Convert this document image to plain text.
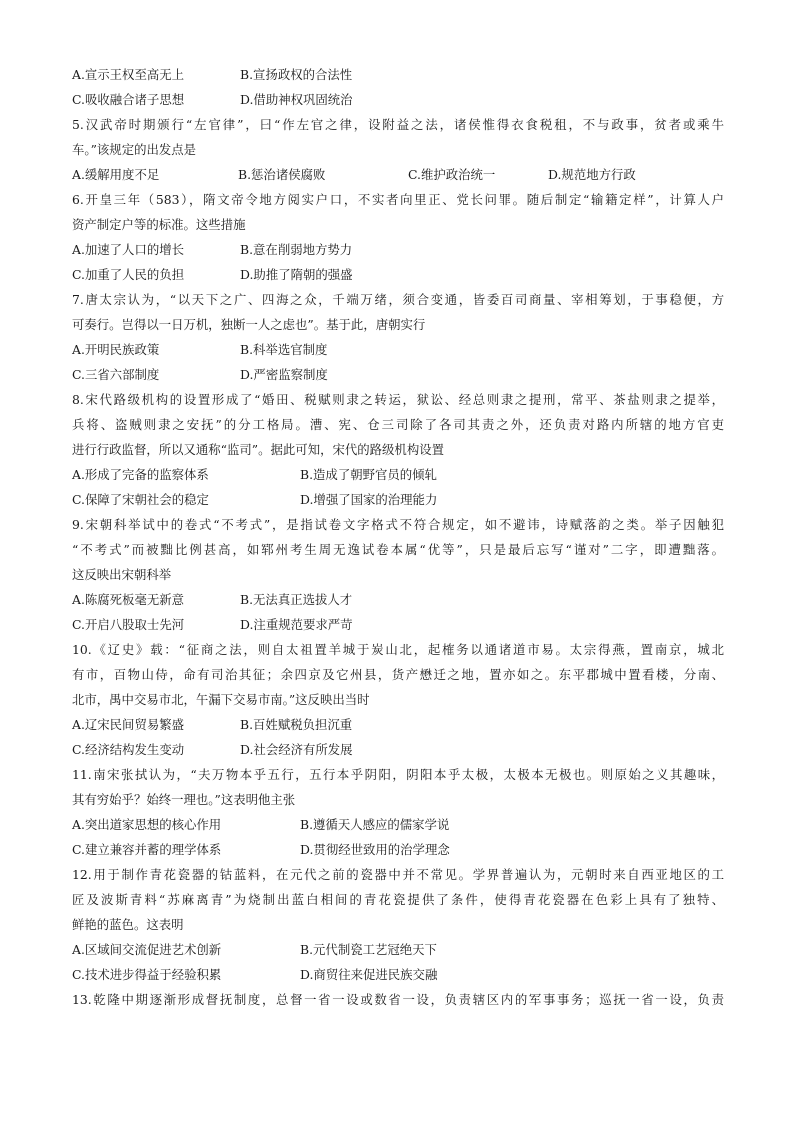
A.宣示王权至高无上	B.宣扬政权的合法性
C.吸收融合诸子思想	D.借助神权巩固统治
5.汉武帝时期颁行“左官律”，曰“作左官之律，设附益之法，诸侯惟得衣食税租，不与政事，贫者或乘牛
车。”该规定的出发点是
A.缓解用度不足	B.惩治诸侯腐败	C.维护政治统一	D.规范地方行政
6.开皇三年（583），隋文帝令地方阅实户口，不实者向里正、党长问罪。随后制定“输籍定样”，计算人户
资产制定户等的标准。这些措施
A.加速了人口的增长	B.意在削弱地方势力
C.加重了人民的负担	D.助推了隋朝的强盛
7.唐太宗认为，“以天下之广、四海之众，千端万绪，须合变通，皆委百司商量、宰相筹划，于事稳便，方
可奏行。岂得以一日万机，独断一人之虑也”。基于此，唐朝实行
A.开明民族政策	B.科举选官制度
C.三省六部制度	D.严密监察制度
8.宋代路级机构的设置形成了“婚田、税赋则隶之转运，狱讼、经总则隶之提刑，常平、茶盐则隶之提举，
兵将、盗贼则隶之安抚”的分工格局。漕、宪、仓三司除了各司其责之外，还负责对路内所辖的地方官吏
进行行政监督，所以又通称“监司”。据此可知，宋代的路级机构设置
A.形成了完备的监察体系	B.造成了朝野官员的倾轧
C.保障了宋朝社会的稳定	D.增强了国家的治理能力
9.宋朝科举试中的卷式“不考式”，是指试卷文字格式不符合规定，如不避讳，诗赋落韵之类。举子因触犯
“不考式”而被黜比例甚高，如郓州考生周无逸试卷本属“优等”，只是最后忘写“谨对”二字，即遭黜落。
这反映出宋朝科举
A.陈腐死板毫无新意	B.无法真正选拔人才
C.开启八股取士先河	D.注重规范要求严苛
10.《辽史》载：“征商之法，则自太祖置羊城于炭山北，起榷务以通诸道市易。太宗得燕，置南京，城北
有市，百物山侍，命有司治其征；余四京及它州县，货产懋迁之地，置亦如之。东平郡城中置看楼，分南、
北市，禺中交易市北，午漏下交易市南。”这反映出当时
A.辽宋民间贸易繁盛	B.百姓赋税负担沉重
C.经济结构发生变动	D.社会经济有所发展
11.南宋张拭认为，“夫万物本乎五行，五行本乎阴阳，阴阳本乎太极，太极本无极也。则原始之义其趣味，
其有穷始乎？始终一理也。”这表明他主张
A.突出道家思想的核心作用	B.遵循天人感应的儒家学说
C.建立兼容并蓄的理学体系	D.贯彻经世致用的治学理念
12.用于制作青花瓷器的钴蓝料，在元代之前的瓷器中并不常见。学界普遍认为，元朝时来自西亚地区的工
匠及波斯青料“苏麻离青”为烧制出蓝白相间的青花瓷提供了条件，使得青花瓷器在色彩上具有了独特、
鲜艳的蓝色。这表明
A.区域间交流促进艺术创新	B.元代制瓷工艺冠绝天下
C.技术进步得益于经验积累	D.商贸往来促进民族交融
13.乾隆中期逐渐形成督抚制度，总督一省一设或数省一设，负责辖区内的军事事务；巡抚一省一设，负责
